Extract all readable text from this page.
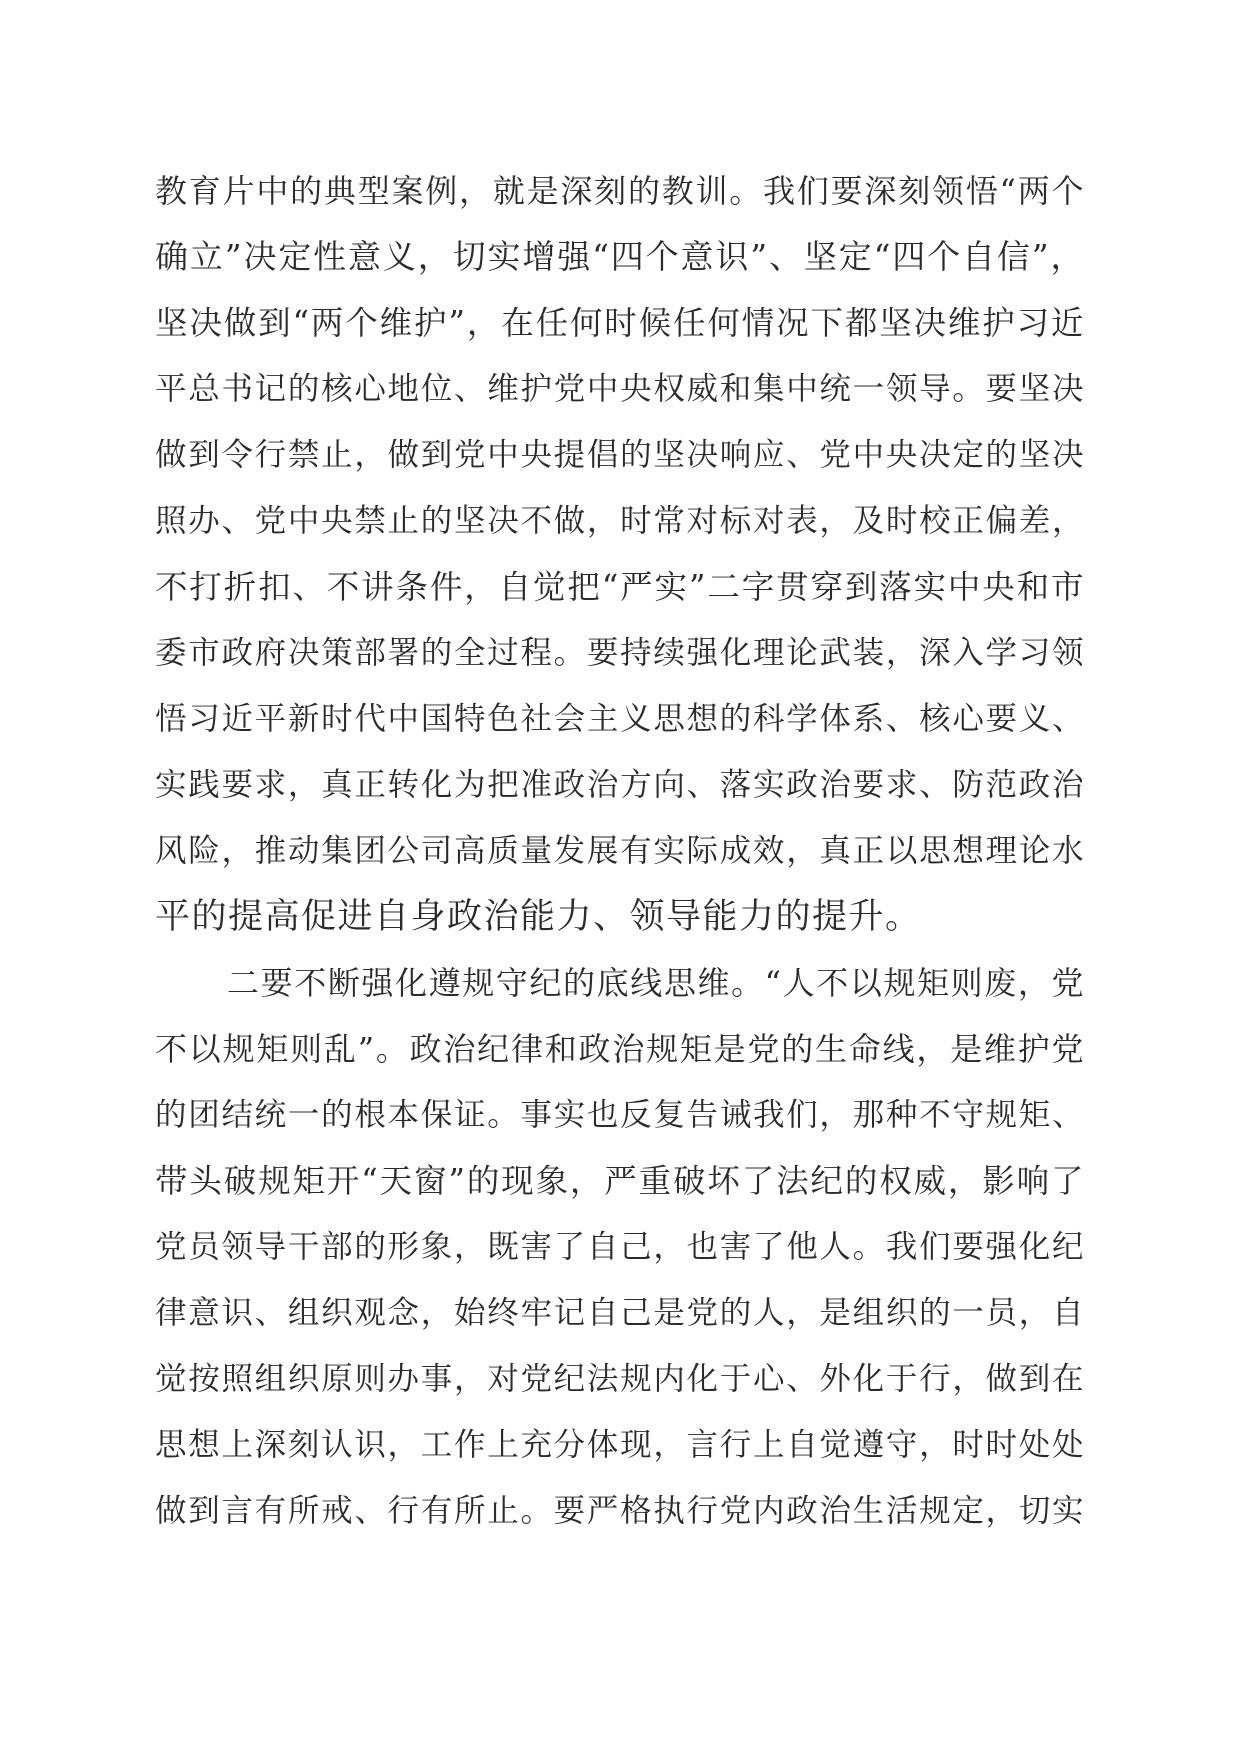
教育片中的典型案例，就是深刻的教训。我们要深刻领悟“两个
确立”决定性意义，切实增强“四个意识”、坚定“四个自信”，
坚决做到“两个维护”，在任何时候任何情况下都坚决维护习近
平总书记的核心地位、维护党中央权威和集中统一领导。要坚决
做到令行禁止，做到党中央提倡的坚决响应、党中央决定的坚决
照办、党中央禁止的坚决不做，时常对标对表，及时校正偏差，
不打折扣、不讲条件，自觉把“严实”二字贯穿到落实中央和市
委市政府决策部署的全过程。要持续强化理论武装，深入学习领
悟习近平新时代中国特色社会主义思想的科学体系、核心要义、
实践要求，真正转化为把准政治方向、落实政治要求、防范政治
风险，推动集团公司高质量发展有实际成效，真正以思想理论水
平的提高促进自身政治能力、领导能力的提升。
二要不断强化遵规守纪的底线思维。“人不以规矩则废，党
不以规矩则乱”。政治纪律和政治规矩是党的生命线，是维护党
的团结统一的根本保证。事实也反复告诫我们，那种不守规矩、
带头破规矩开“天窗”的现象，严重破坏了法纪的权威，影响了
党员领导干部的形象，既害了自己，也害了他人。我们要强化纪
律意识、组织观念，始终牢记自己是党的人，是组织的一员，自
觉按照组织原则办事，对党纪法规内化于心、外化于行，做到在
思想上深刻认识，工作上充分体现，言行上自觉遵守，时时处处
做到言有所戒、行有所止。要严格执行党内政治生活规定，切实
